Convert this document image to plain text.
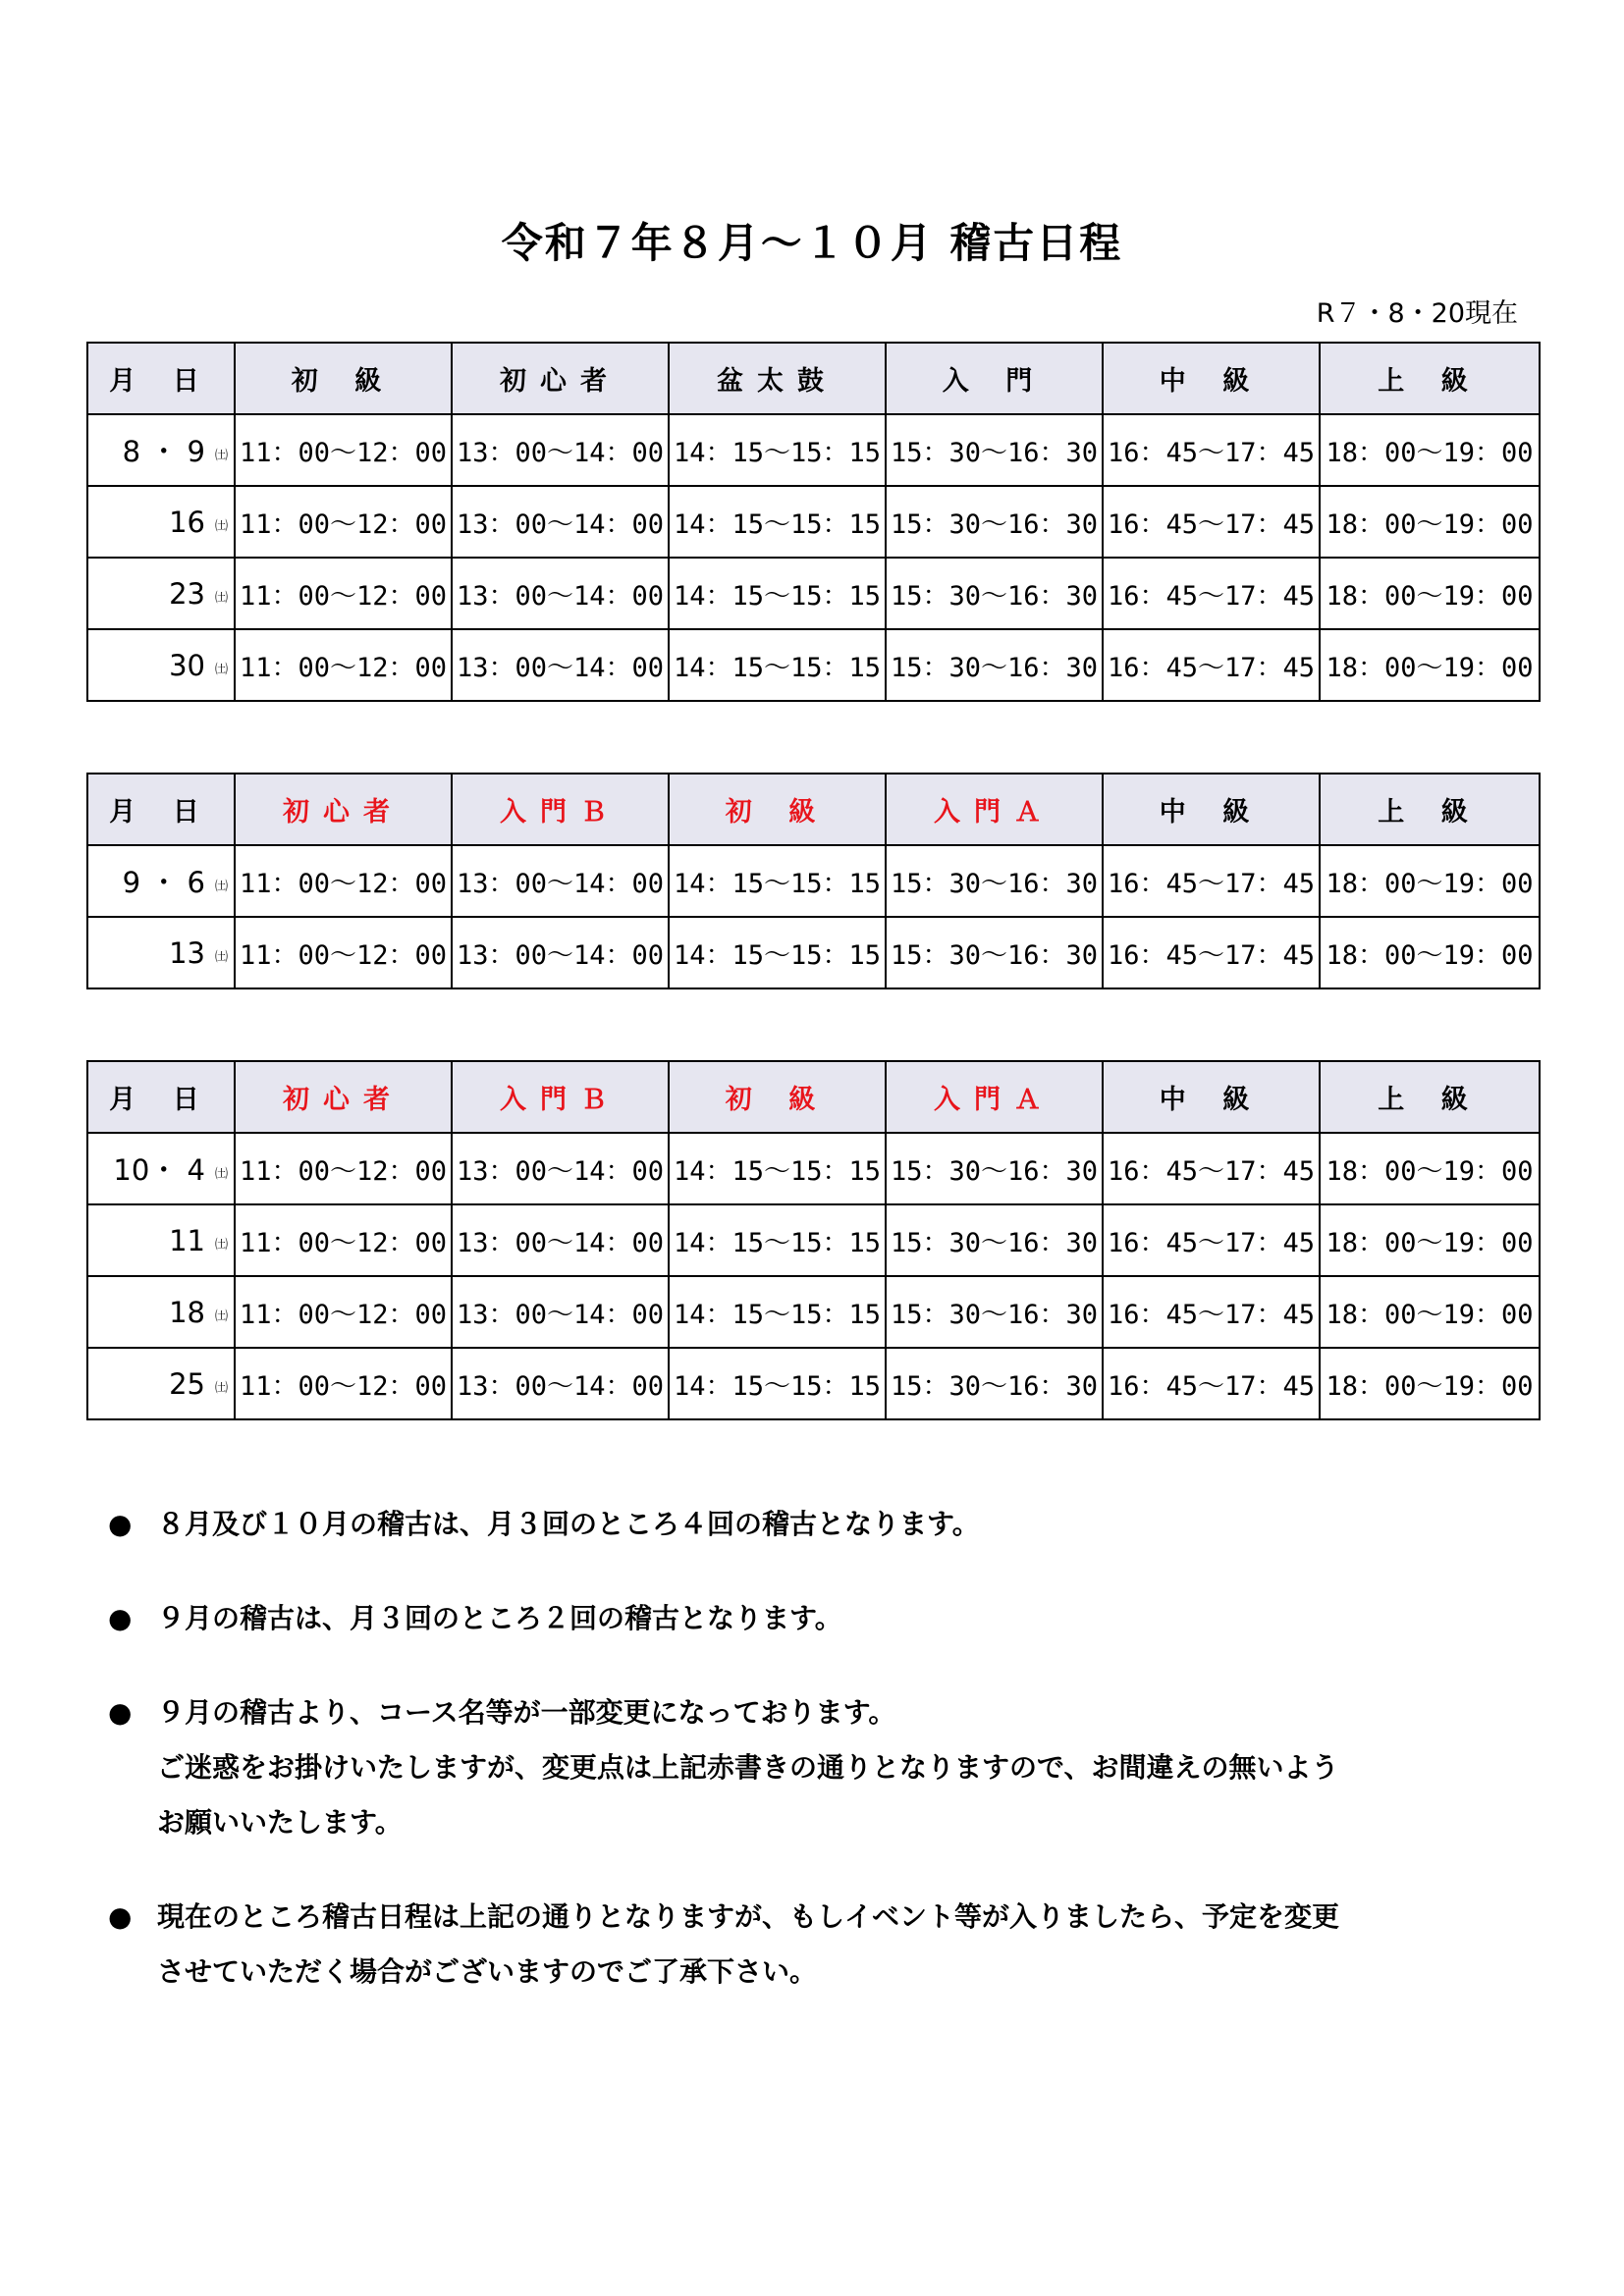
令和７年８月～１０月 稽古日程
R７・8・20現在
月 日	初 級	初心者	盆太鼓	入 門	中 級	上 級
8 ・ 9 ㈯	11：00～12：00	13：00～14：00	14：15～15：15	15：30～16：30	16：45～17：45	18：00～19：00
16 ㈯	11：00～12：00	13：00～14：00	14：15～15：15	15：30～16：30	16：45～17：45	18：00～19：00
23 ㈯	11：00～12：00	13：00～14：00	14：15～15：15	15：30～16：30	16：45～17：45	18：00～19：00
30 ㈯	11：00～12：00	13：00～14：00	14：15～15：15	15：30～16：30	16：45～17：45	18：00～19：00
月 日	初心者	入門Ｂ	初 級	入門Ａ	中 級	上 級
9 ・ 6 ㈯	11：00～12：00	13：00～14：00	14：15～15：15	15：30～16：30	16：45～17：45	18：00～19：00
13 ㈯	11：00～12：00	13：00～14：00	14：15～15：15	15：30～16：30	16：45～17：45	18：00～19：00
月 日	初心者	入門Ｂ	初 級	入門Ａ	中 級	上 級
10・ 4 ㈯	11：00～12：00	13：00～14：00	14：15～15：15	15：30～16：30	16：45～17：45	18：00～19：00
11 ㈯	11：00～12：00	13：00～14：00	14：15～15：15	15：30～16：30	16：45～17：45	18：00～19：00
18 ㈯	11：00～12：00	13：00～14：00	14：15～15：15	15：30～16：30	16：45～17：45	18：00～19：00
25 ㈯	11：00～12：00	13：00～14：00	14：15～15：15	15：30～16：30	16：45～17：45	18：00～19：00
● ８月及び１０月の稽古は、月３回のところ４回の稽古となります。
● ９月の稽古は、月３回のところ２回の稽古となります。
● ９月の稽古より、コース名等が一部変更になっております。
ご迷惑をお掛けいたしますが、変更点は上記赤書きの通りとなりますので、お間違えの無いよう
お願いいたします。
● 現在のところ稽古日程は上記の通りとなりますが、もしイベント等が入りましたら、予定を変更
させていただく場合がございますのでご了承下さい。
